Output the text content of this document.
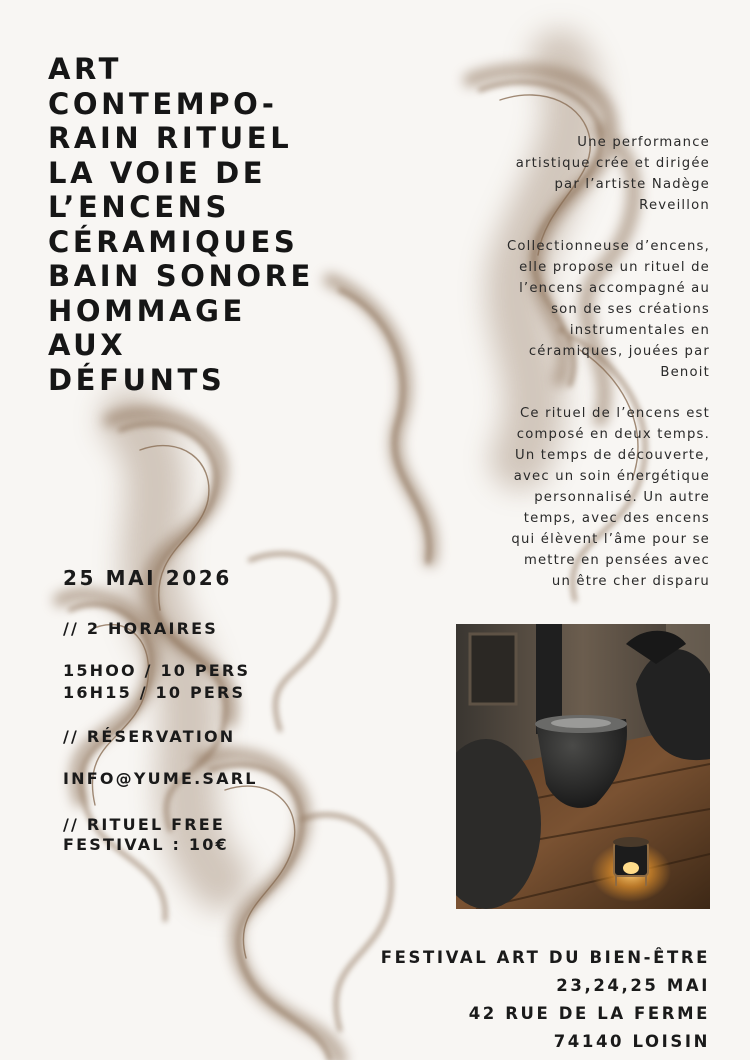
ART
CONTEMPO-
RAIN RITUEL
LA VOIE DE
L’ENCENS
CÉRAMIQUES
BAIN SONORE
HOMMAGE
AUX
DÉFUNTS

Une performance

artistique crée et dirigée

par l’artiste Nadège

Reveillon

Collectionneuse d’encens,

elle propose un rituel de

l’encens accompagné au

son de ses créations

instrumentales en

céramiques, jouées par

Benoit

Ce rituel de l’encens est

composé en deux temps.

Un temps de découverte,

avec un soin énergétique

personnalisé. Un autre

temps, avec des encens

qui élèvent l’âme pour se

mettre en pensées avec

un être cher disparu

25 MAI 2026
// 2 HORAIRES
15HOO / 10 PERS
16H15 / 10 PERS
// RÉSERVATION
INFO@YUME.SARL
// RITUEL FREE
FESTIVAL : 10€
FESTIVAL ART DU BIEN-ÊTRE
23,24,25 MAI
42 RUE DE LA FERME
74140 LOISIN
